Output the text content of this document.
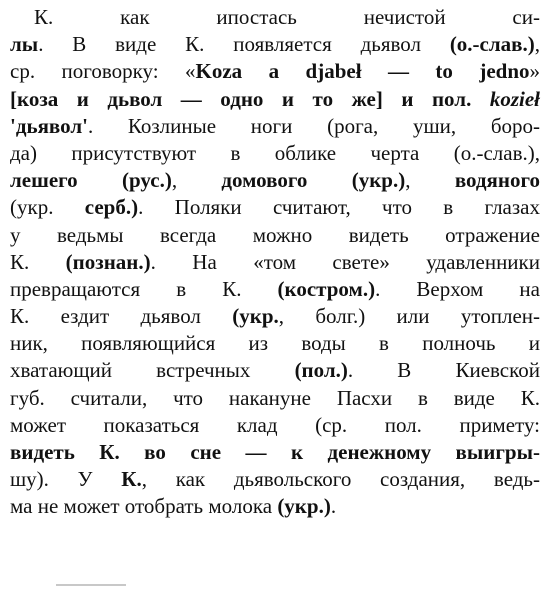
К. как ипостась нечистой си-
лы. В виде К. появляется дьявол (о.-слав.),
ср. поговорку: «Koza a djabeł — to jedno»
[коза и дьвол — одно и то же] и пол. kozieł
'дьявол'. Козлиные ноги (рога, уши, боро-
да) присутствуют в облике черта (о.-слав.),
лешего (рус.), домового (укр.), водяного
(укр. серб.). Поляки считают, что в глазах
у ведьмы всегда можно видеть отражение
К. (познан.). На «том свете» удавленники
превращаются в К. (костром.). Верхом на
К. ездит дьявол (укр., болг.) или утоплен-
ник, появляющийся из воды в полночь и
хватающий встречных (пол.). В Киевской
губ. считали, что накануне Пасхи в виде К.
может показаться клад (ср. пол. примету:
видеть К. во сне — к денежному выигры-
шу). У К., как дьявольского создания, ведь-
ма не может отобрать молока (укр.).
